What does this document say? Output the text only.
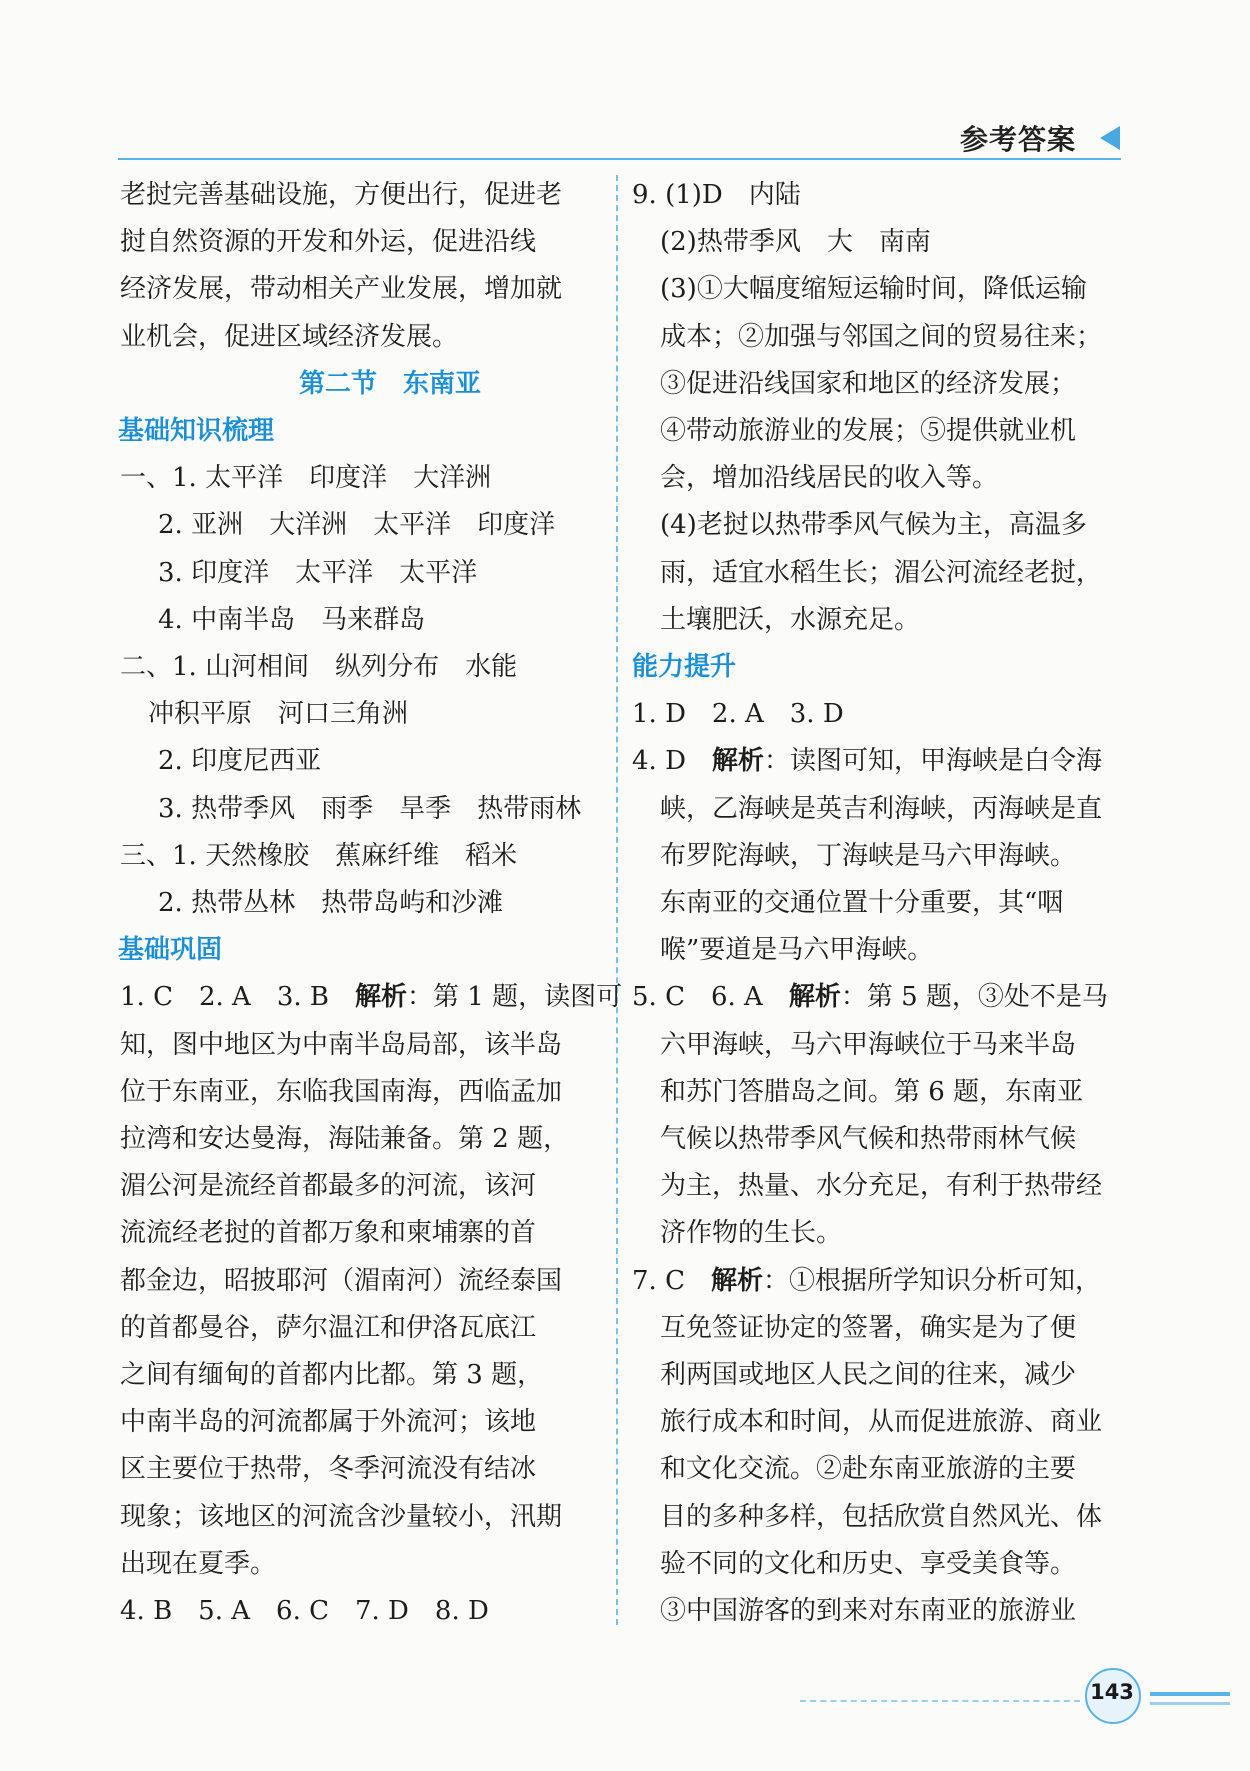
参考答案

老挝完善基础设施，方便出行，促进老

挝自然资源的开发和外运，促进沿线

经济发展，带动相关产业发展，增加就

业机会，促进区域经济发展。

第二节　东南亚

基础知识梳理

一、1. 太平洋　印度洋　大洋洲

2. 亚洲　大洋洲　太平洋　印度洋

3. 印度洋　太平洋　太平洋

4. 中南半岛　马来群岛

二、1. 山河相间　纵列分布　水能

冲积平原　河口三角洲

2. 印度尼西亚

3. 热带季风　雨季　旱季　热带雨林

三、1. 天然橡胶　蕉麻纤维　稻米

2. 热带丛林　热带岛屿和沙滩

基础巩固

1. C　2. A　3. B　解析：第 1 题，读图可

知，图中地区为中南半岛局部，该半岛

位于东南亚，东临我国南海，西临孟加

拉湾和安达曼海，海陆兼备。第 2 题，

湄公河是流经首都最多的河流，该河

流流经老挝的首都万象和柬埔寨的首

都金边，昭披耶河（湄南河）流经泰国

的首都曼谷，萨尔温江和伊洛瓦底江

之间有缅甸的首都内比都。第 3 题，

中南半岛的河流都属于外流河；该地

区主要位于热带，冬季河流没有结冰

现象；该地区的河流含沙量较小，汛期

出现在夏季。

4. B　5. A　6. C　7. D　8. D

9. (1)D　内陆

(2)热带季风　大　南南

(3)①大幅度缩短运输时间，降低运输

成本；②加强与邻国之间的贸易往来；

③促进沿线国家和地区的经济发展；

④带动旅游业的发展；⑤提供就业机

会，增加沿线居民的收入等。

(4)老挝以热带季风气候为主，高温多

雨，适宜水稻生长；湄公河流经老挝，

土壤肥沃，水源充足。

能力提升

1. D　2. A　3. D

4. D　解析：读图可知，甲海峡是白令海

峡，乙海峡是英吉利海峡，丙海峡是直

布罗陀海峡，丁海峡是马六甲海峡。

东南亚的交通位置十分重要，其“咽

喉”要道是马六甲海峡。

5. C　6. A　解析：第 5 题，③处不是马

六甲海峡，马六甲海峡位于马来半岛

和苏门答腊岛之间。第 6 题，东南亚

气候以热带季风气候和热带雨林气候

为主，热量、水分充足，有利于热带经

济作物的生长。

7. C　解析：①根据所学知识分析可知，

互免签证协定的签署，确实是为了便

利两国或地区人民之间的往来，减少

旅行成本和时间，从而促进旅游、商业

和文化交流。②赴东南亚旅游的主要

目的多种多样，包括欣赏自然风光、体

验不同的文化和历史、享受美食等。

③中国游客的到来对东南亚的旅游业

143
